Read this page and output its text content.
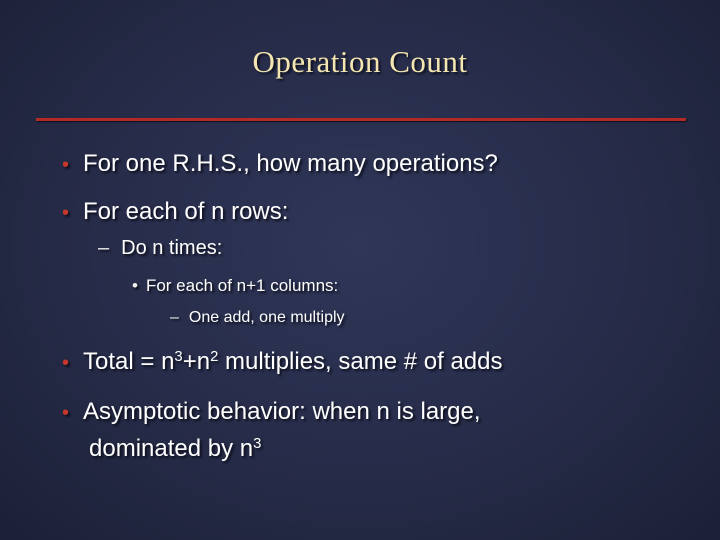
Operation Count
• For one R.H.S., how many operations?
• For each of n rows:
– Do n times:
• For each of n+1 columns:
– One add, one multiply
• Total = $n^3+n^2$ multiplies, same # of adds
• Asymptotic behavior: when n is large,
dominated by $n^3$
